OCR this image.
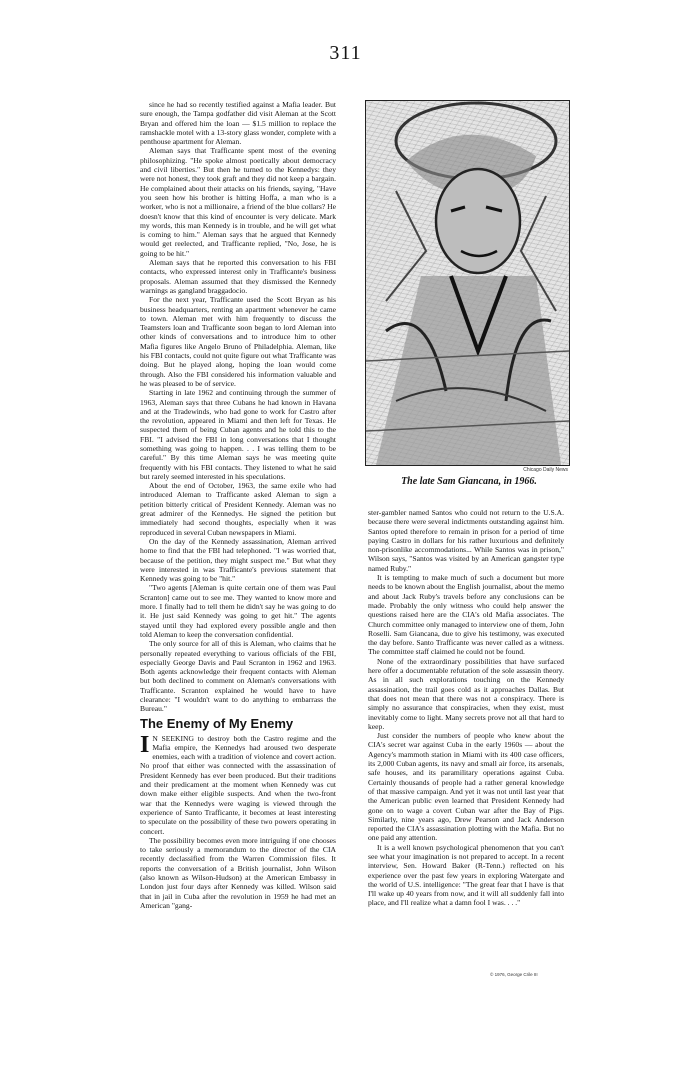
311

since he had so recently testified against a Mafia leader. But sure enough, the Tampa godfather did visit Aleman at the Scott Bryan and offered him the loan — $1.5 million to replace the ramshackle motel with a 13-story glass wonder, complete with a penthouse apartment for Aleman.

Aleman says that Trafficante spent most of the evening philosophizing. "He spoke almost poetically about democracy and civil liberties." But then he turned to the Kennedys: they were not honest, they took graft and they did not keep a bargain. He complained about their attacks on his friends, saying, "Have you seen how his brother is hitting Hoffa, a man who is a worker, who is not a millionaire, a friend of the blue collars? He doesn't know that this kind of encounter is very delicate. Mark my words, this man Kennedy is in trouble, and he will get what is coming to him." Aleman says that he argued that Kennedy would get reelected, and Trafficante replied, "No, Jose, he is going to be hit."

Aleman says that he reported this conversation to his FBI contacts, who expressed interest only in Trafficante's business proposals. Aleman assumed that they dismissed the Kennedy warnings as gangland braggadocio.

For the next year, Trafficante used the Scott Bryan as his business headquarters, renting an apartment whenever he came to town. Aleman met with him frequently to discuss the Teamsters loan and Trafficante soon began to lord Aleman into other kinds of conversations and to introduce him to other Mafia figures like Angelo Bruno of Philadelphia. Aleman, like his FBI contacts, could not quite figure out what Trafficante was doing. But he played along, hoping the loan would come through. Also the FBI considered his information valuable and he was pleased to be of service.

Starting in late 1962 and continuing through the summer of 1963, Aleman says that three Cubans he had known in Havana and at the Tradewinds, who had gone to work for Castro after the revolution, appeared in Miami and then left for Texas. He suspected them of being Cuban agents and he told this to the FBI. "I advised the FBI in long conversations that I thought something was going to happen. . . I was telling them to be careful." By this time Aleman says he was meeting quite frequently with his FBI contacts. They listened to what he said but rarely seemed interested in his speculations.

About the end of October, 1963, the same exile who had introduced Aleman to Trafficante asked Aleman to sign a petition bitterly critical of President Kennedy. Aleman was no great admirer of the Kennedys. He signed the petition but immediately had second thoughts, especially when it was reproduced in several Cuban newspapers in Miami.

On the day of the Kennedy assassination, Aleman arrived home to find that the FBI had telephoned. "I was worried that, because of the petition, they might suspect me." But what they were interested in was Trafficante's previous statement that Kennedy was going to be "hit."

"Two agents [Aleman is quite certain one of them was Paul Scranton] came out to see me. They wanted to know more and more. I finally had to tell them he didn't say he was going to do it. He just said Kennedy was going to get hit." The agents stayed until they had explored every possible angle and then told Aleman to keep the conversation confidential.

The only source for all of this is Aleman, who claims that he personally repeated everything to various officials of the FBI, especially George Davis and Paul Scranton in 1962 and 1963. Both agents acknowledge their frequent contacts with Aleman but both declined to comment on Aleman's conversations with Trafficante. Scranton explained he would have to have clearance: "I wouldn't want to do anything to embarrass the Bureau."

The Enemy of My Enemy

I N SEEKING to destroy both the Castro regime and the Mafia empire, the Kennedys had aroused two desperate enemies, each with a tradition of violence and covert action. No proof that either was connected with the assassination of President Kennedy has ever been produced. But their traditions and their predicament at the moment when Kennedy was cut down make either eligible suspects. And when the two-front war that the Kennedys were waging is viewed through the experience of Santo Trafficante, it becomes at least interesting to speculate on the possibility of these two powers operating in concert.

The possibility becomes even more intriguing if one chooses to take seriously a memorandum to the director of the CIA recently declassified from the Warren Commission files. It reports the conversation of a British journalist, John Wilson (also known as Wilson-Hudson) at the American Embassy in London just four days after Kennedy was killed. Wilson said that in jail in Cuba after the revolution in 1959 he had met an American "gang-

Chicago Daily News
The late Sam Giancana, in 1966.

ster-gambler named Santos who could not return to the U.S.A. because there were several indictments outstanding against him. Santos opted therefore to remain in prison for a period of time paying Castro in dollars for his rather luxurious and definitely non-prisonlike accommodations... While Santos was in prison," Wilson says, "Santos was visited by an American gangster type named Ruby."

It is tempting to make much of such a document but more needs to be known about the English journalist, about the memo and about Jack Ruby's travels before any conclusions can be made. Probably the only witness who could help answer the questions raised here are the CIA's old Mafia associates. The Church committee only managed to interview one of them, John Roselli. Sam Giancana, due to give his testimony, was executed the day before. Santo Trafficante was never called as a witness. The committee staff claimed he could not be found.

None of the extraordinary possibilities that have surfaced here offer a documentable refutation of the sole assassin theory. As in all such explorations touching on the Kennedy assassination, the trail goes cold as it approaches Dallas. But that does not mean that there was not a conspiracy. There is simply no assurance that conspiracies, when they exist, must inevitably come to light. Many secrets prove not all that hard to keep.

Just consider the numbers of people who knew about the CIA's secret war against Cuba in the early 1960s — about the Agency's mammoth station in Miami with its 400 case officers, its 2,000 Cuban agents, its navy and small air force, its arsenals, safe houses, and its paramilitary operations against Cuba. Certainly thousands of people had a rather general knowledge of that massive campaign. And yet it was not until last year that the American public even learned that President Kennedy had gone on to wage a covert Cuban war after the Bay of Pigs. Similarly, nine years ago, Drew Pearson and Jack Anderson reported the CIA's assassination plotting with the Mafia. But no one paid any attention.

It is a well known psychological phenomenon that you can't see what your imagination is not prepared to accept. In a recent interview, Sen. Howard Baker (R-Tenn.) reflected on his experience over the past few years in exploring Watergate and the world of U.S. intelligence: "The great fear that I have is that I'll wake up 40 years from now, and it will all suddenly fall into place, and I'll realize what a damn fool I was. . . ."

© 1976, George Crile III
